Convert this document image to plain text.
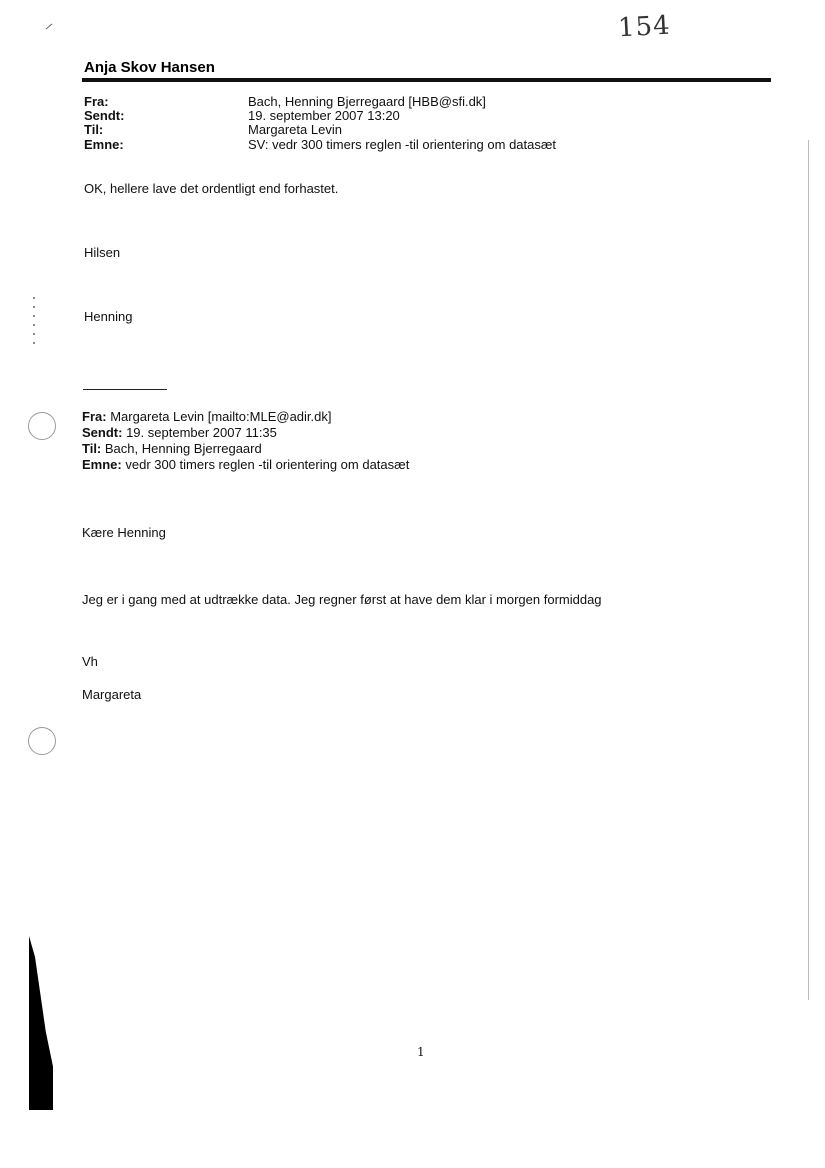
154
Anja Skov Hansen
Fra:	Bach, Henning Bjerregaard [HBB@sfi.dk]
Sendt:	19. september 2007 13:20
Til:	Margareta Levin
Emne:	SV: vedr 300 timers reglen -til orientering om datasæt
OK, hellere lave det ordentligt end forhastet.
Hilsen
Henning
Fra: Margareta Levin [mailto:MLE@adir.dk]
Sendt: 19. september 2007 11:35
Til: Bach, Henning Bjerregaard
Emne: vedr 300 timers reglen -til orientering om datasæt
Kære Henning
Jeg er i gang med at udtrække data. Jeg regner først at have dem klar i morgen formiddag
Vh
Margareta
1
